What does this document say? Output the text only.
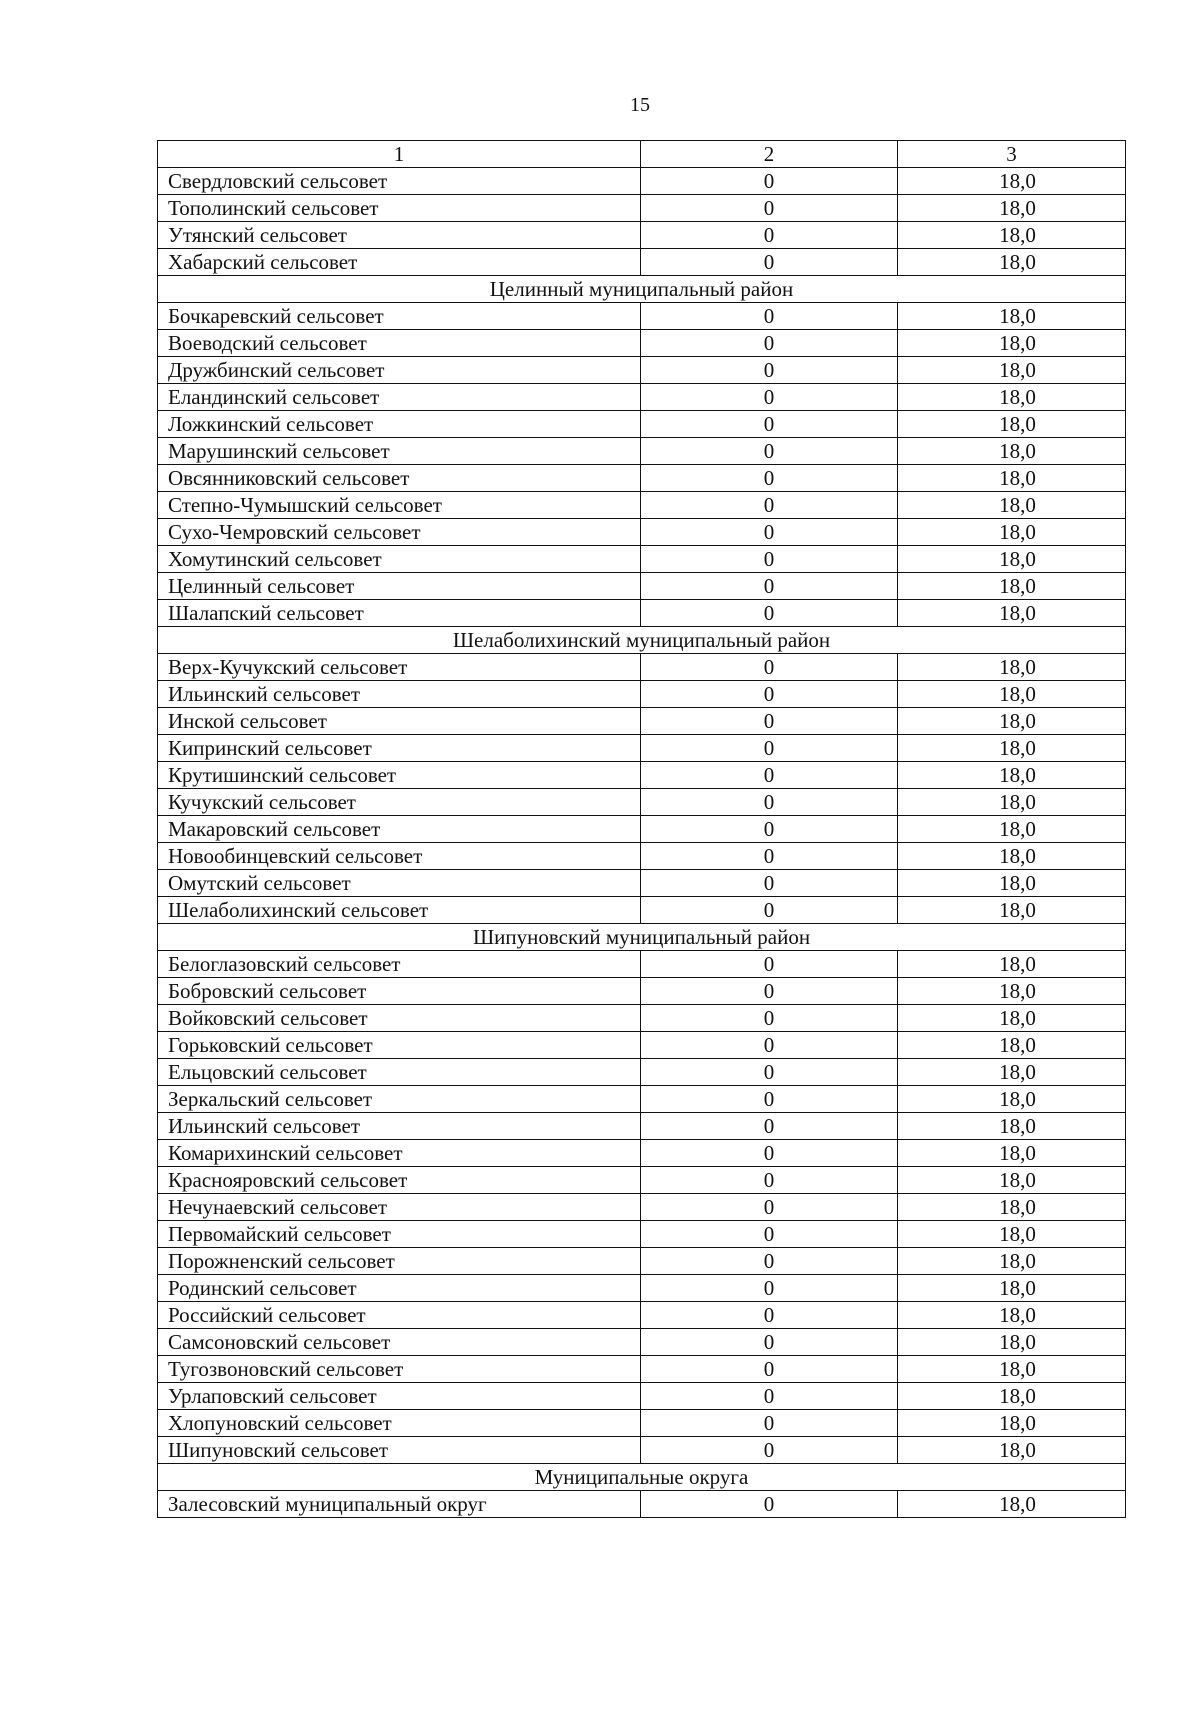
15
1	2	3
Свердловский сельсовет	0	18,0
Тополинский сельсовет	0	18,0
Утянский сельсовет	0	18,0
Хабарский сельсовет	0	18,0
Целинный муниципальный район		
Бочкаревский сельсовет	0	18,0
Воеводский сельсовет	0	18,0
Дружбинский сельсовет	0	18,0
Еландинский сельсовет	0	18,0
Ложкинский сельсовет	0	18,0
Марушинский сельсовет	0	18,0
Овсянниковский сельсовет	0	18,0
Степно-Чумышский сельсовет	0	18,0
Сухо-Чемровский сельсовет	0	18,0
Хомутинский сельсовет	0	18,0
Целинный сельсовет	0	18,0
Шалапский сельсовет	0	18,0
Шелаболихинский муниципальный район		
Верх-Кучукский сельсовет	0	18,0
Ильинский сельсовет	0	18,0
Инской сельсовет	0	18,0
Кипринский сельсовет	0	18,0
Крутишинский сельсовет	0	18,0
Кучукский сельсовет	0	18,0
Макаровский сельсовет	0	18,0
Новообинцевский сельсовет	0	18,0
Омутский сельсовет	0	18,0
Шелаболихинский сельсовет	0	18,0
Шипуновский муниципальный район		
Белоглазовский сельсовет	0	18,0
Бобровский сельсовет	0	18,0
Войковский сельсовет	0	18,0
Горьковский сельсовет	0	18,0
Ельцовский сельсовет	0	18,0
Зеркальский сельсовет	0	18,0
Ильинский сельсовет	0	18,0
Комарихинский сельсовет	0	18,0
Краснояровский сельсовет	0	18,0
Нечунаевский сельсовет	0	18,0
Первомайский сельсовет	0	18,0
Порожненский сельсовет	0	18,0
Родинский сельсовет	0	18,0
Российский сельсовет	0	18,0
Самсоновский сельсовет	0	18,0
Тугозвоновский сельсовет	0	18,0
Урлаповский сельсовет	0	18,0
Хлопуновский сельсовет	0	18,0
Шипуновский сельсовет	0	18,0
Муниципальные округа		
Залесовский муниципальный округ	0	18,0
